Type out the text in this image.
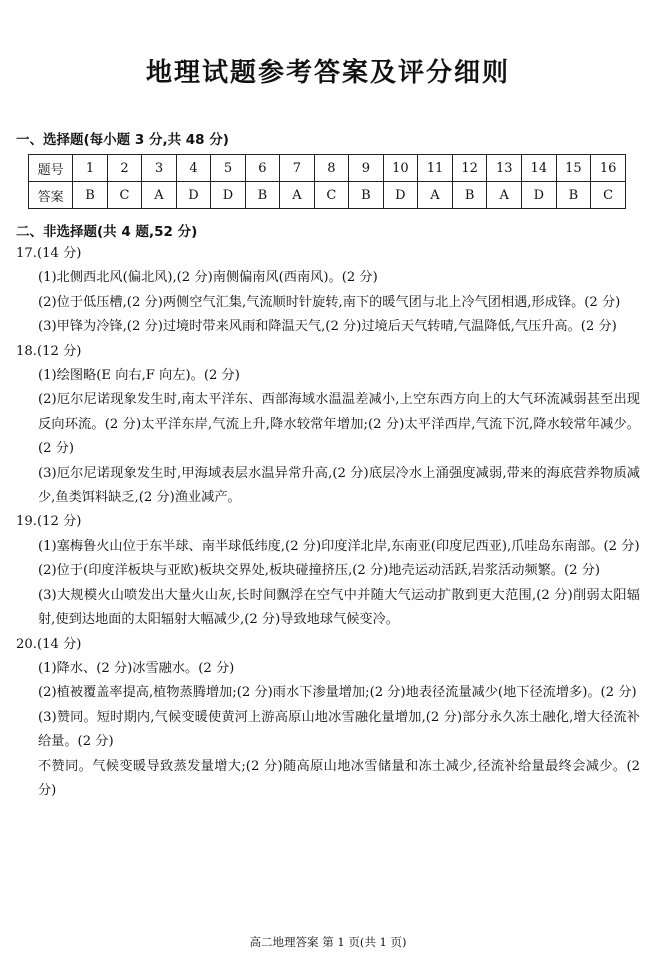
地理试题参考答案及评分细则
一、选择题(每小题 3 分,共 48 分)
题号	1	2	3	4	5	6	7	8	9	10	11	12	13	14	15	16
答案	B	C	A	D	D	B	A	C	B	D	A	B	A	D	B	C
二、非选择题(共 4 题,52 分)

17.(14 分)

(1)北侧西北风(偏北风),(2 分)南侧偏南风(西南风)。(2 分)

(2)位于低压槽,(2 分)两侧空气汇集,气流顺时针旋转,南下的暖气团与北上冷气团相遇,形成锋。(2 分)

(3)甲锋为冷锋,(2 分)过境时带来风雨和降温天气,(2 分)过境后天气转晴,气温降低,气压升高。(2 分)

18.(12 分)

(1)绘图略(E 向右,F 向左)。(2 分)

(2)厄尔尼诺现象发生时,南太平洋东、西部海域水温温差减小,上空东西方向上的大气环流减弱甚至出现反向环流。(2 分)太平洋东岸,气流上升,降水较常年增加;(2 分)太平洋西岸,气流下沉,降水较常年减少。(2 分)

(3)厄尔尼诺现象发生时,甲海域表层水温异常升高,(2 分)底层冷水上涌强度减弱,带来的海底营养物质减少,鱼类饵料缺乏,(2 分)渔业减产。

19.(12 分)

(1)塞梅鲁火山位于东半球、南半球低纬度,(2 分)印度洋北岸,东南亚(印度尼西亚),爪哇岛东南部。(2 分)

(2)位于(印度洋板块与亚欧)板块交界处,板块碰撞挤压,(2 分)地壳运动活跃,岩浆活动频繁。(2 分)

(3)大规模火山喷发出大量火山灰,长时间飘浮在空气中并随大气运动扩散到更大范围,(2 分)削弱太阳辐射,使到达地面的太阳辐射大幅减少,(2 分)导致地球气候变冷。

20.(14 分)

(1)降水、(2 分)冰雪融水。(2 分)

(2)植被覆盖率提高,植物蒸腾增加;(2 分)雨水下渗量增加;(2 分)地表径流量减少(地下径流增多)。(2 分)

(3)赞同。短时期内,气候变暖使黄河上游高原山地冰雪融化量增加,(2 分)部分永久冻土融化,增大径流补给量。(2 分)

不赞同。气候变暖导致蒸发量增大;(2 分)随高原山地冰雪储量和冻土减少,径流补给量最终会减少。(2 分)

高二地理答案 第 1 页(共 1 页)
